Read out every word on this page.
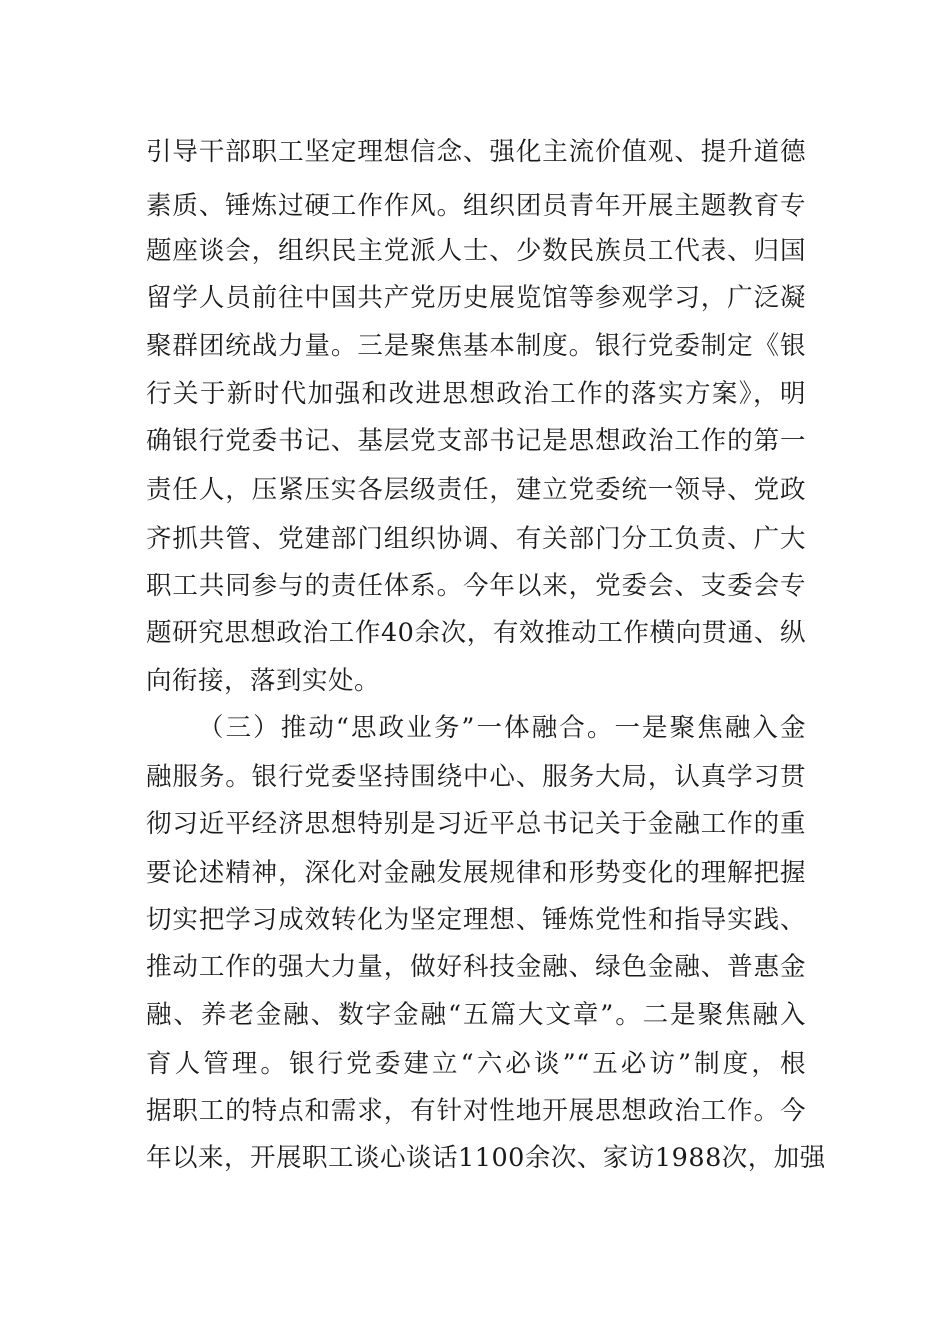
引导干部职工坚定理想信念、强化主流价值观、提升道德
素质、锤炼过硬工作作风。组织团员青年开展主题教育专
题座谈会，组织民主党派人士、少数民族员工代表、归国
留学人员前往中国共产党历史展览馆等参观学习，广泛凝
聚群团统战力量。三是聚焦基本制度。银行党委制定《银
行关于新时代加强和改进思想政治工作的落实方案》，明
确银行党委书记、基层党支部书记是思想政治工作的第一
责任人，压紧压实各层级责任，建立党委统一领导、党政
齐抓共管、党建部门组织协调、有关部门分工负责、广大
职工共同参与的责任体系。今年以来，党委会、支委会专
题研究思想政治工作40余次，有效推动工作横向贯通、纵
向衔接，落到实处。
（三）推动“思政业务”一体融合。一是聚焦融入金
融服务。银行党委坚持围绕中心、服务大局，认真学习贯
彻习近平经济思想特别是习近平总书记关于金融工作的重
要论述精神，深化对金融发展规律和形势变化的理解把握
切实把学习成效转化为坚定理想、锤炼党性和指导实践、
推动工作的强大力量，做好科技金融、绿色金融、普惠金
融、养老金融、数字金融“五篇大文章”。二是聚焦融入
育人管理。银行党委建立“六必谈”“五必访”制度，根
据职工的特点和需求，有针对性地开展思想政治工作。今
年以来，开展职工谈心谈话1100余次、家访1988次，加强
